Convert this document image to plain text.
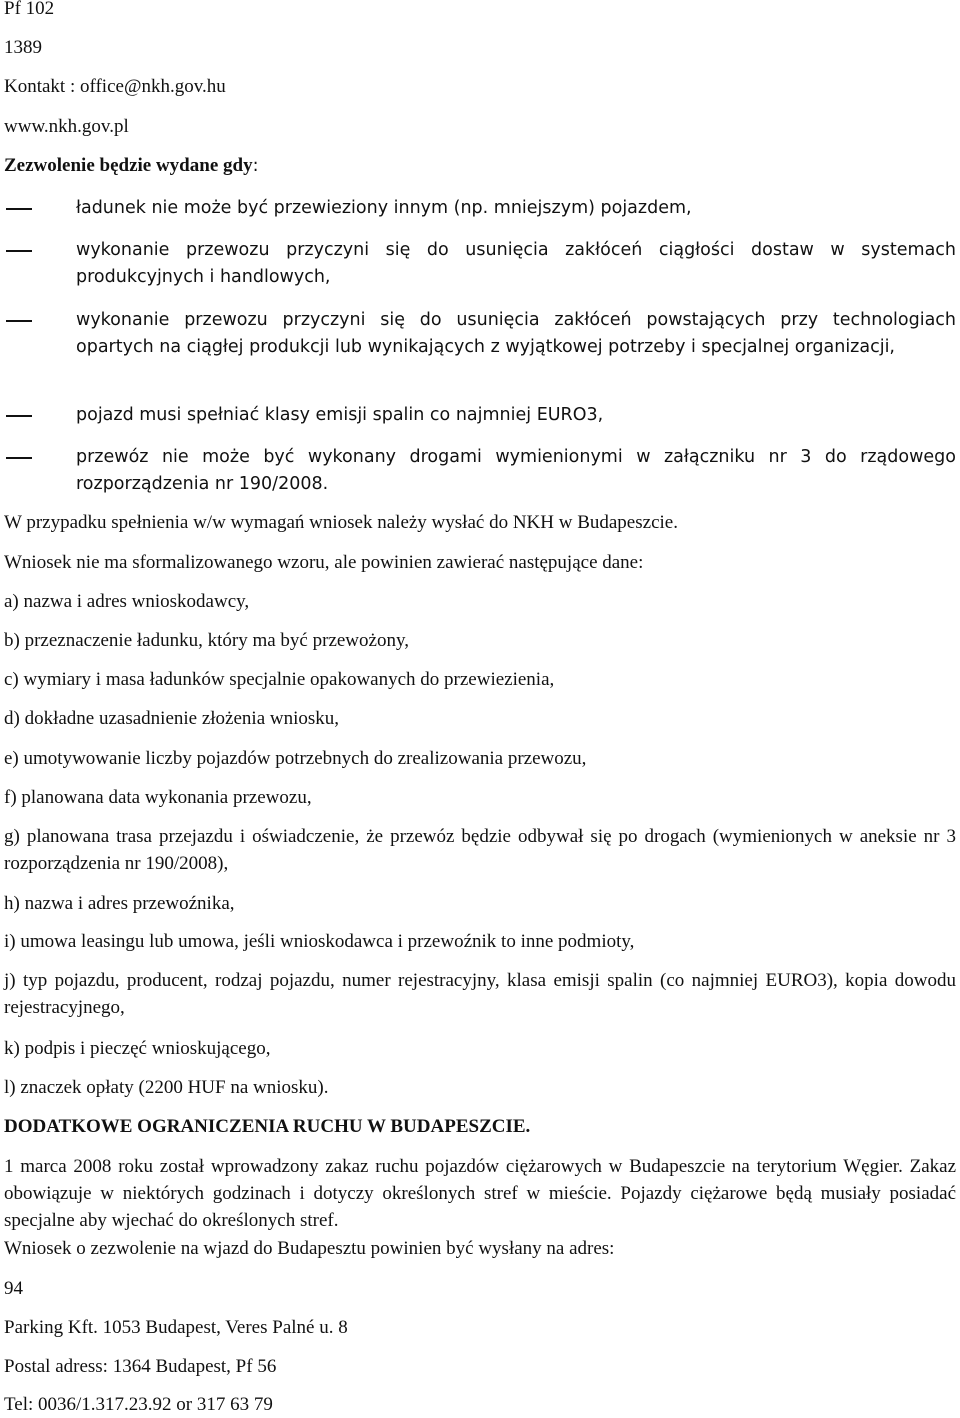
Pf 102

1389

Kontakt : office@nkh.gov.hu

www.nkh.gov.pl

Zezwolenie będzie wydane gdy:

ładunek nie może być przewieziony innym (np. mniejszym) pojazdem,
wykonanie przewozu przyczyni się do usunięcia zakłóceń ciągłości dostaw w systemach produkcyjnych i handlowych,
wykonanie przewozu przyczyni się do usunięcia zakłóceń powstających przy technologiach opartych na ciągłej produkcji lub wynikających z wyjątkowej potrzeby i specjalnej organizacji,
pojazd musi spełniać klasy emisji spalin co najmniej EURO3,
przewóz nie może być wykonany drogami wymienionymi w załączniku nr 3 do rządowego rozporządzenia nr 190/2008.

W przypadku spełnienia w/w wymagań wniosek należy wysłać do NKH w Budapeszcie.

Wniosek nie ma sformalizowanego wzoru, ale powinien zawierać następujące dane:

a) nazwa i adres wnioskodawcy,

b) przeznaczenie ładunku, który ma być przewożony,

c) wymiary i masa ładunków specjalnie opakowanych do przewiezienia,

d) dokładne uzasadnienie złożenia wniosku,

e) umotywowanie liczby pojazdów potrzebnych do zrealizowania przewozu,

f) planowana data wykonania przewozu,

g) planowana trasa przejazdu i oświadczenie, że przewóz będzie odbywał się po drogach (wymienionych w aneksie nr 3 rozporządzenia nr 190/2008),

h) nazwa i adres przewoźnika,

i) umowa leasingu lub umowa, jeśli wnioskodawca i przewoźnik to inne podmioty,

j) typ pojazdu, producent, rodzaj pojazdu, numer rejestracyjny, klasa emisji spalin (co najmniej EURO3), kopia dowodu rejestracyjnego,

k) podpis i pieczęć wnioskującego,

l) znaczek opłaty (2200 HUF na wniosku).

DODATKOWE OGRANICZENIA RUCHU W BUDAPESZCIE.

1 marca 2008 roku został wprowadzony zakaz ruchu pojazdów ciężarowych w Budapeszcie na terytorium Węgier. Zakaz obowiązuje w niektórych godzinach i dotyczy określonych stref w mieście. Pojazdy ciężarowe będą musiały posiadać specjalne aby wjechać do określonych stref.

Wniosek o zezwolenie na wjazd do Budapesztu powinien być wysłany na adres:

94

Parking Kft. 1053 Budapest, Veres Palné u. 8

Postal adress: 1364 Budapest, Pf 56

Tel: 0036/1.317.23.92 or 317 63 79
